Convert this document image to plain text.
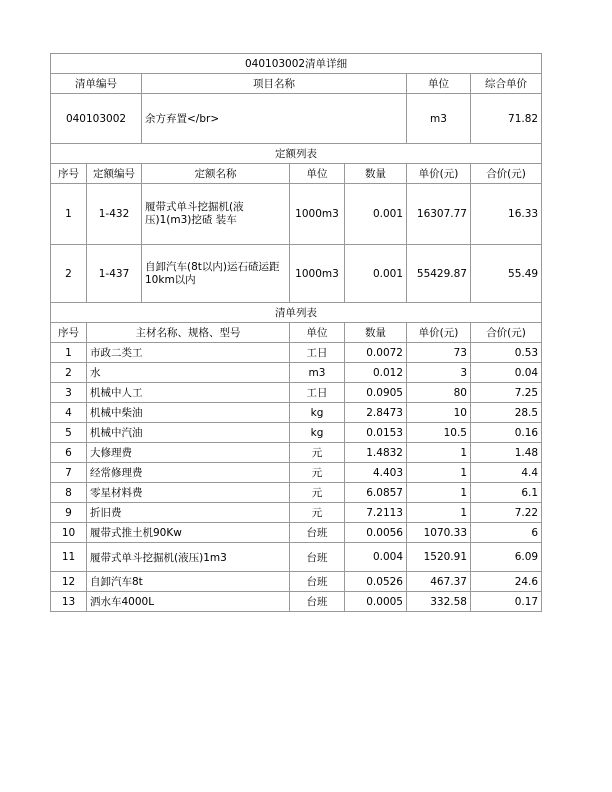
040103002清单详细						
清单编号		项目名称			单位	综合单价
040103002		余方弃置</br>			m3	71.82
定额列表						
序号	定额编号	定额名称	单位	数量	单价(元)	合价(元)
1	1-432	履带式单斗挖掘机(液压)1(m3)挖碴 装车	1000m3	0.001	16307.77	16.33
2	1-437	自卸汽车(8t以内)运石碴运距10km以内	1000m3	0.001	55429.87	55.49
清单列表						
序号	主材名称、规格、型号		单位	数量	单价(元)	合价(元)
1	市政二类工		工日	0.0072	73	0.53
2	水		m3	0.012	3	0.04
3	机械中人工		工日	0.0905	80	7.25
4	机械中柴油		kg	2.8473	10	28.5
5	机械中汽油		kg	0.0153	10.5	0.16
6	大修理费		元	1.4832	1	1.48
7	经常修理费		元	4.403	1	4.4
8	零星材料费		元	6.0857	1	6.1
9	折旧费		元	7.2113	1	7.22
10	履带式推土机90Kw		台班	0.0056	1070.33	6
11	履带式单斗挖掘机(液压)1m3		台班	0.004	1520.91	6.09
12	自卸汽车8t		台班	0.0526	467.37	24.6
13	洒水车4000L		台班	0.0005	332.58	0.17
